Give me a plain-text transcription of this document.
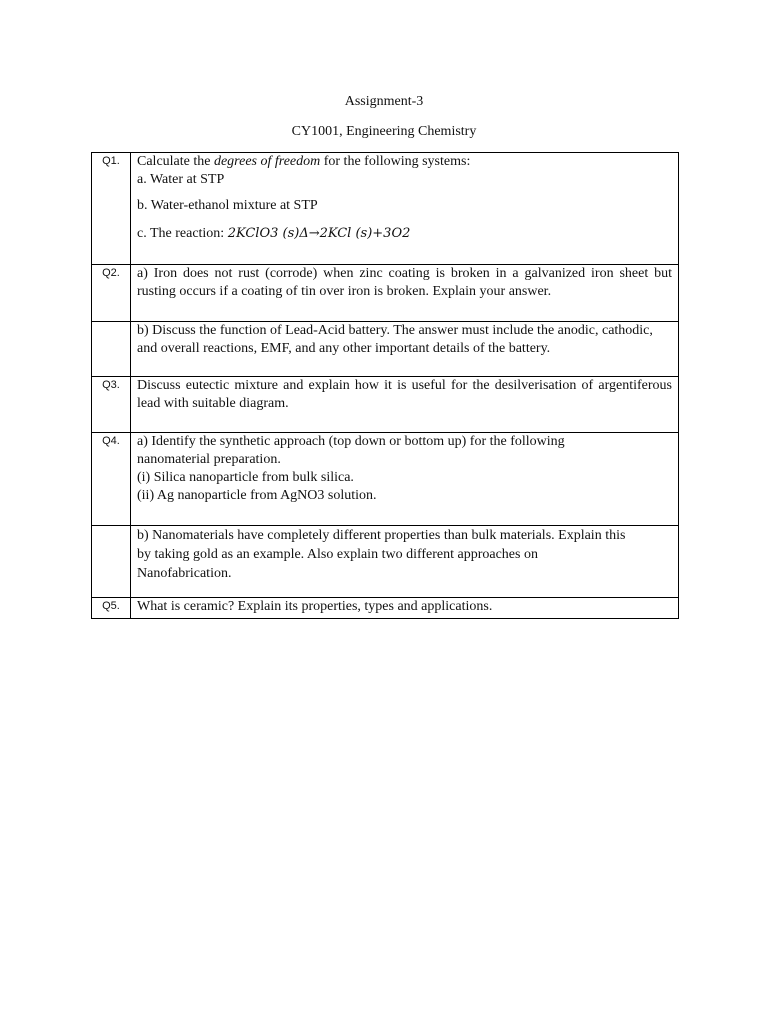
Assignment-3
CY1001, Engineering Chemistry
Q1.	Calculate the degrees of freedom for the following systems:
a. Water at STP
b. Water-ethanol mixture at STP
c. The reaction: 2KClO3 (s)Δ→2KCl (s)+3O2

Q2.	a) Iron does not rust (corrode) when zinc coating is broken in a galvanized iron sheet but rusting occurs if a coating of tin over iron is broken. Explain your answer.
	b) Discuss the function of Lead-Acid battery. The answer must include the anodic, cathodic, and overall reactions, EMF, and any other important details of the battery.
Q3.	Discuss eutectic mixture and explain how it is useful for the desilverisation of argentiferous lead with suitable diagram.
Q4.	a) Identify the synthetic approach (top down or bottom up) for the following
nanomaterial preparation.
(i) Silica nanoparticle from bulk silica.
(ii) Ag nanoparticle from AgNO3 solution.

	b) Nanomaterials have completely different properties than bulk materials. Explain this
by taking gold as an example. Also explain two different approaches on
Nanofabrication.

Q5.	What is ceramic? Explain its properties, types and applications.
